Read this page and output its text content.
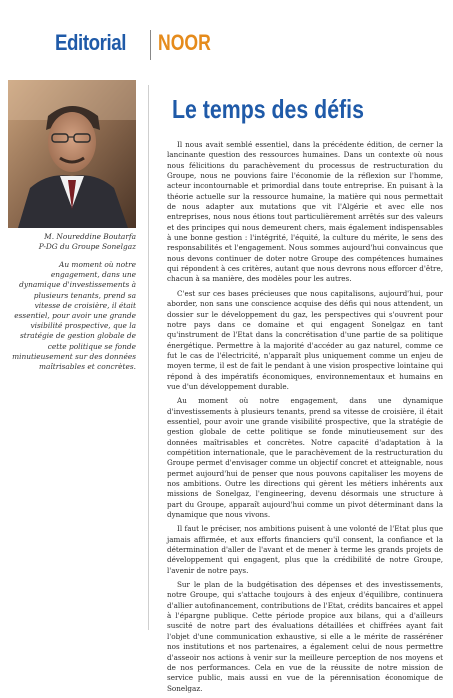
Editorial NOOR
M. Noureddine Boutarfa
P-DG du Groupe Sonelgaz
Au moment où notre engagement, dans une dynamique d'investissements à plusieurs tenants, prend sa vitesse de croisière, il était essentiel, pour avoir une grande visibilité prospective, que la stratégie de gestion globale de cette politique se fonde minutieusement sur des données maîtrisables et concrètes.
Le temps des défis

Il nous avait semblé essentiel, dans la précédente édition, de cerner la lancinante question des ressources humaines. Dans un contexte où nous nous félicitions du parachèvement du processus de restructuration du Groupe, nous ne pouvions faire l'économie de la réflexion sur l'homme, acteur incontournable et primordial dans toute entreprise. En puisant à la théorie actuelle sur la ressource humaine, la matière qui nous permettait de nous adapter aux mutations que vit l'Algérie et avec elle nos entreprises, nous nous étions tout particulièrement arrêtés sur des valeurs et des principes qui nous demeurent chers, mais également indispensables à une bonne gestion : l'intégrité, l'équité, la culture du mérite, le sens des responsabilités et l'engagement. Nous sommes aujourd'hui convaincus que nous devons continuer de doter notre Groupe des compétences humaines qui répondent à ces critères, autant que nous devrons nous efforcer d'être, chacun à sa manière, des modèles pour les autres.

C'est sur ces bases précieuses que nous capitalisons, aujourd'hui, pour aborder, non sans une conscience acquise des défis qui nous attendent, un dossier sur le développement du gaz, les perspectives qui s'ouvrent pour notre pays dans ce domaine et qui engagent Sonelgaz en tant qu'instrument de l'Etat dans la concrétisation d'une partie de sa politique énergétique. Permettre à la majorité d'accéder au gaz naturel, comme ce fut le cas de l'électricité, n'apparaît plus uniquement comme un enjeu de moyen terme, il est de fait le pendant à une vision prospective lointaine qui répond à des impératifs économiques, environnementaux et humains en vue d'un développement durable.

Au moment où notre engagement, dans une dynamique d'investissements à plusieurs tenants, prend sa vitesse de croisière, il était essentiel, pour avoir une grande visibilité prospective, que la stratégie de gestion globale de cette politique se fonde minutieusement sur des données maîtrisables et concrètes. Notre capacité d'adaptation à la compétition internationale, que le parachèvement de la restructuration du Groupe permet d'envisager comme un objectif concret et atteignable, nous permet aujourd'hui de penser que nous pouvons capitaliser les moyens de nos ambitions. Outre les directions qui gèrent les métiers inhérents aux missions de Sonelgaz, l'engineering, devenu désormais une structure à part du Groupe, apparaît aujourd'hui comme un pivot déterminant dans la dynamique que nous vivons.

Il faut le préciser, nos ambitions puisent à une volonté de l'Etat plus que jamais affirmée, et aux efforts financiers qu'il consent, la confiance et la détermination d'aller de l'avant et de mener à terme les grands projets de développement qui engagent, plus que la crédibilité de notre Groupe, l'avenir de notre pays.

Sur le plan de la budgétisation des dépenses et des investissements, notre Groupe, qui s'attache toujours à des enjeux d'équilibre, continuera d'allier autofinancement, contributions de l'Etat, crédits bancaires et appel à l'épargne publique. Cette période propice aux bilans, qui a d'ailleurs suscité de notre part des évaluations détaillées et chiffrées ayant fait l'objet d'une communication exhaustive, si elle a le mérite de rasséréner nos institutions et nos partenaires, a également celui de nous permettre d'asseoir nos actions à venir sur la meilleure perception de nos moyens et de nos performances. Cela en vue de la réussite de notre mission de service public, mais aussi en vue de la pérennisation économique de Sonelgaz.
